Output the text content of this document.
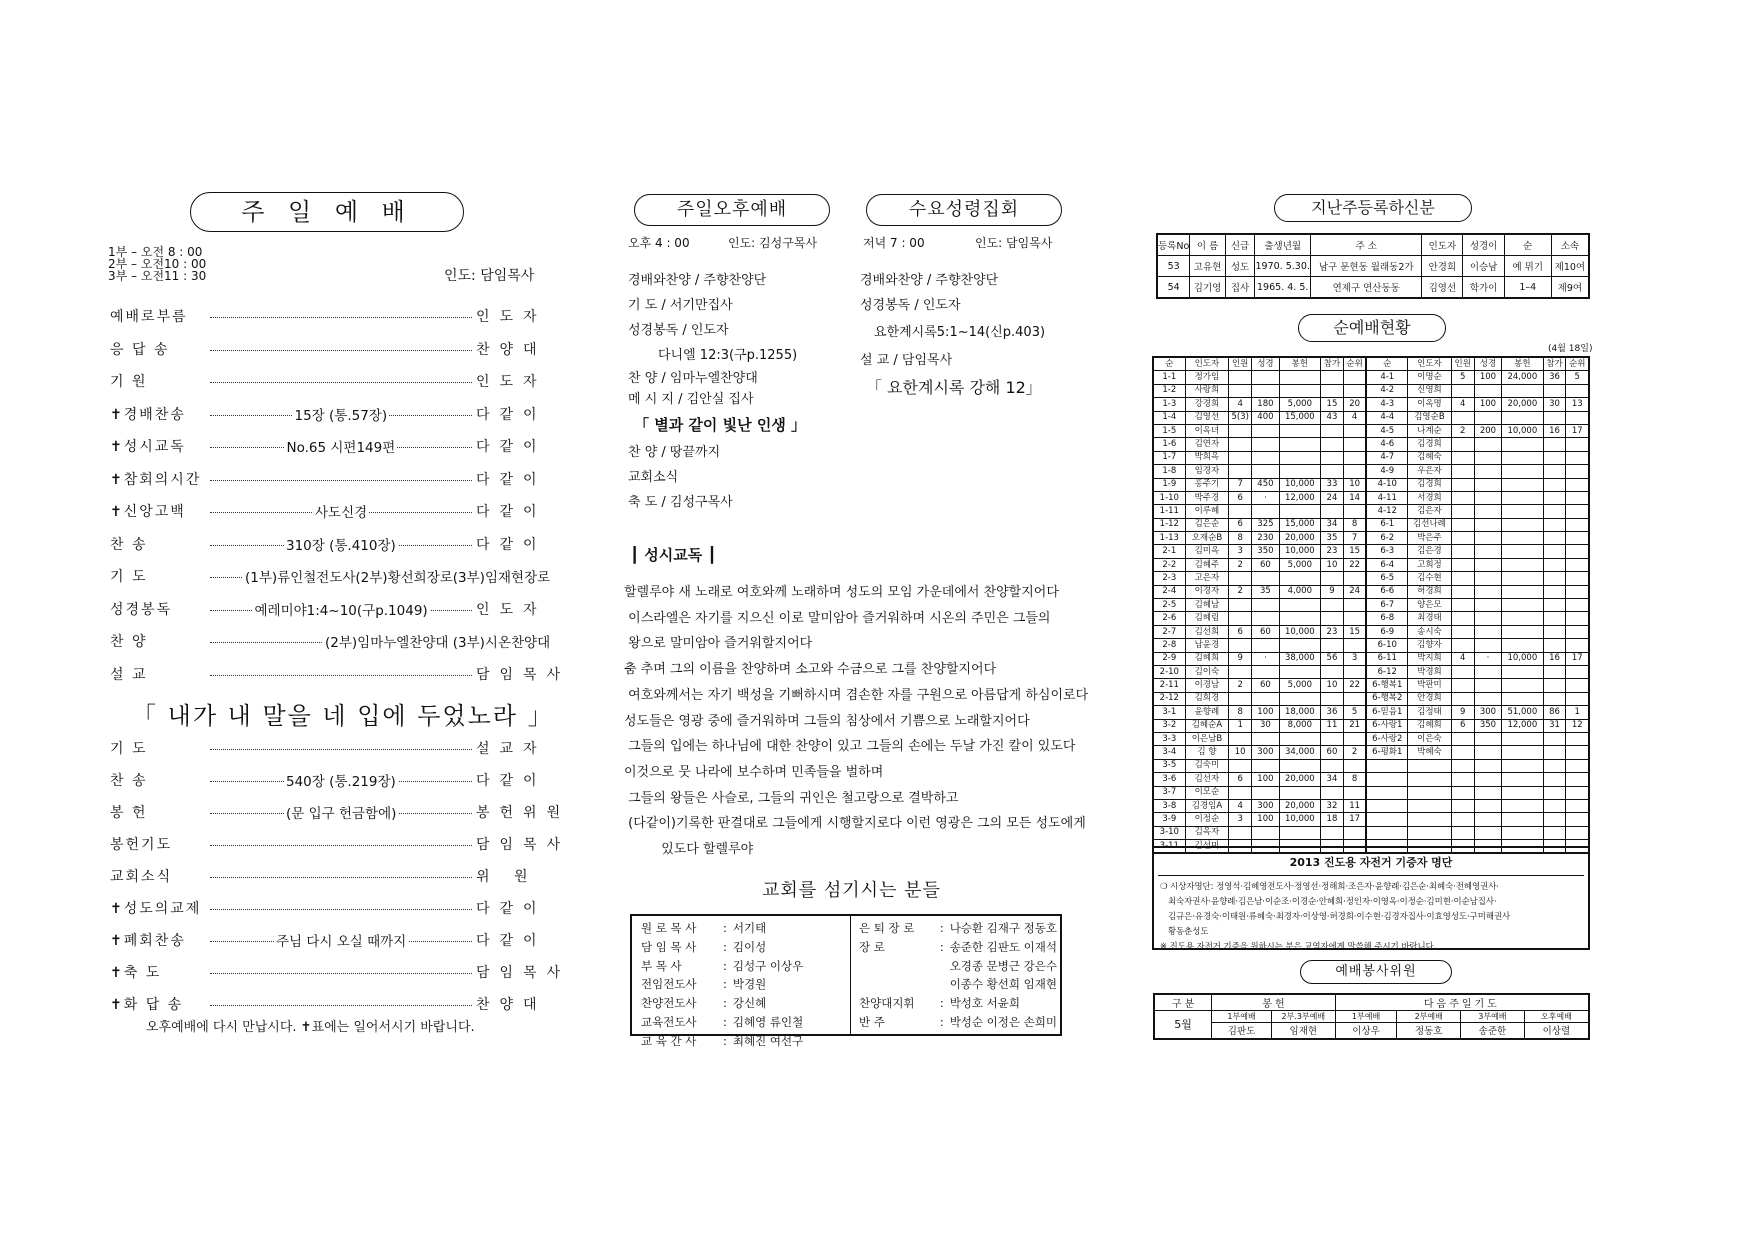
주 일 예 배
1부 – 오전 8 : 00
2부 – 오전10 : 00
3부 – 오전11 : 30	인도: 담임목사
예배로부름	인도자
응 답 송	찬양대
기 원	인도자
✝경배찬송	15장 (통.57장)	다같이
✝성시교독	No.65 시편149편	다같이
✝참회의시간	다같이
✝신앙고백	사도신경	다같이
찬 송	310장 (통.410장)	다같이
기 도	(1부)류인철전도사(2부)황선희장로(3부)임재현장로
성경봉독	예레미야1:4~10(구p.1049)	인도자
찬 양	(2부)임마누엘찬양대 (3부)시온찬양대
설 교	담임목사
「 내가 내 말을 네 입에 두었노라 」
기 도	설교자
찬 송	540장 (통.219장)	다같이
봉 헌	(문 입구 헌금함에)	봉헌위원
봉헌기도	담임목사
교회소식	위 원
✝성도의교제	다같이
✝폐회찬송	주님 다시 오실 때까지	다같이
✝축 도	담임목사
✝화 답 송	찬양대
오후예배에 다시 만납시다. ✝표에는 일어서시기 바랍니다.
주일오후예배	수요성령집회
오후 4 : 00	인도: 김성구목사	저녁 7 : 00	인도: 담임목사
경배와찬양 / 주향찬양단
기 도 / 서기만집사
성경봉독 / 인도자
다니엘 12:3(구p.1255)
찬 양 / 임마누엘찬양대
메 시 지 / 김안실 집사
「 별과 같이 빛난 인생 」
찬 양 / 땅끝까지
교회소식
축 도 / 김성구목사
경배와찬양 / 주향찬양단
성경봉독 / 인도자
요한계시록5:1~14(신p.403)
설 교 / 담임목사
「 요한계시록 강해 12」
┃ 성시교독 ┃

할렐루야 새 노래로 여호와께 노래하며 성도의 모임 가운데에서 찬양할지어다

이스라엘은 자기를 지으신 이로 말미암아 즐거워하며 시온의 주민은 그들의

왕으로 말미암아 즐거워할지어다

춤 추며 그의 이름을 찬양하며 소고와 수금으로 그를 찬양할지어다

여호와께서는 자기 백성을 기뻐하시며 겸손한 자를 구원으로 아름답게 하심이로다

성도들은 영광 중에 즐거워하며 그들의 침상에서 기쁨으로 노래할지어다

그들의 입에는 하나님에 대한 찬양이 있고 그들의 손에는 두날 가진 칼이 있도다

이것으로 뭇 나라에 보수하며 민족들을 벌하며

그들의 왕들은 사슬로, 그들의 귀인은 철고랑으로 결박하고

(다같이)기록한 판결대로 그들에게 시행할지로다 이런 영광은 그의 모든 성도에게

있도다 할렐루야

교회를 섬기시는 분들
원 로 목 사	:	서기태
담 임 목 사	:	김이성
부 목 사	:	김성구 이상우
전임전도사	:	박경원
찬양전도사	:	강신혜
교육전도사	:	김혜영 류인철
교 육 간 사	:	최혜진 여선구
은 퇴 장 로	:	나승환 김재구 정동호
장 로	:	송준한 김판도 이재석
		오경종 문병근 강은수
		이종수 황선희 임재현
찬양대지휘	:	박성호 서윤희
반 주	:	박성순 이정은 손희미
지난주등록하신분
등록No	이 름	신급	출생년월	주 소	인도자	성경이	순	소속
53	고유현	성도	1970. 5.30.	남구 문현동 월래동2가	안경희	이승남	예 뮈기	제10여
54	김기영	집사	1965. 4. 5.	연제구 연산동동	김영선	학가이	1–4	제9여
순예배현황
(4월 18일)
순	인도자	인원	성경	봉헌	참가	순위	순	인도자	인원	성경	봉헌	참가	순위
1-1	정가임						4-1	이명순	5	100	24,000	36	5
1-2	사랑희						4-2	신영희					
1-3	강경희	4	180	5,000	15	20	4-3	이옥명	4	100	20,000	30	13
1-4	김영선	5(3)	400	15,000	43	4	4-4	김영순B					
1-5	이옥녀						4-5	나계순	2	200	10,000	16	17
1-6	김연자						4-6	김경희					
1-7	박희옥						4-7	김혜숙					
1-8	임경자						4-9	우은자					
1-9	홍주기	7	450	10,000	33	10	4-10	김경희					
1-10	박주경	6	·	12,000	24	14	4-11	서경희					
1-11	이루혜						4-12	김은자					
1-12	김은순	6	325	15,000	34	8	6-1	김선나례					
1-13	오재순B	8	230	20,000	35	7	6-2	박은주					
2-1	김미옥	3	350	10,000	23	15	6-3	김은경					
2-2	김혜주	2	60	5,000	10	22	6-4	고희정					
2-3	고은자						6-5	김수현					
2-4	이경자	2	35	4,000	9	24	6-6	허경희					
2-5	김혜남						6-7	양은모					
2-6	김혜림						6-8	최경태					
2-7	김선희	6	60	10,000	23	15	6-9	송시숙					
2-8	남윤경						6-10	김향자					
2-9	김혜희	9	·	38,000	56	3	6-11	박지희	4	·	10,000	16	17
2-10	김이숙						6-12	박경희					
2-11	이경남	2	60	5,000	10	22	6-행복1	박판미					
2-12	김희경						6-행복2	안경희					
3-1	윤향례	8	100	18,000	36	5	6-믿음1	김정태	9	300	51,000	86	1
3-2	김혜순A	1	30	8,000	11	21	6-사랑1	김혜희	6	350	12,000	31	12
3-3	이은남B						6-사랑2	이은숙					
3-4	김 향	10	300	34,000	60	2	6-평화1	박혜숙					
3-5	김숙미												
3-6	김선자	6	100	20,000	34	8							
3-7	이모순												
3-8	김경임A	4	300	20,000	32	11							
3-9	이정순	3	100	10,000	18	17							
3-10	김옥자												
3-11	김선미												
2013 진도용 자전거 기증자 명단
❍ 시상자명단: 정영석·김혜영전도사·정영선·정해희·조은자·윤향례·김은순·최혜숙·전혜영권사·
최숙자권사·윤향례·김은남·이순조·이경순·안혜희·정인자·이영옥·이정순·김미현·이순남집사·
김규은·유경숙·이태원·류혜숙·최경자·이상영·허경희·이수현·김경자집사·이효영성도·구미해권사
황동춘성도
※ 진도용 자전거 기증을 원하시는 분은 교역자에게 말씀해 주시기 바랍니다.
예배봉사위원
구 분	봉 헌		다음주일기도			
5월	1부예배	2부.3부예배	1부예배	2부예배	3부예배	오후예배
	김판도	임재현	이상우	정동호	송준한	이상렬
